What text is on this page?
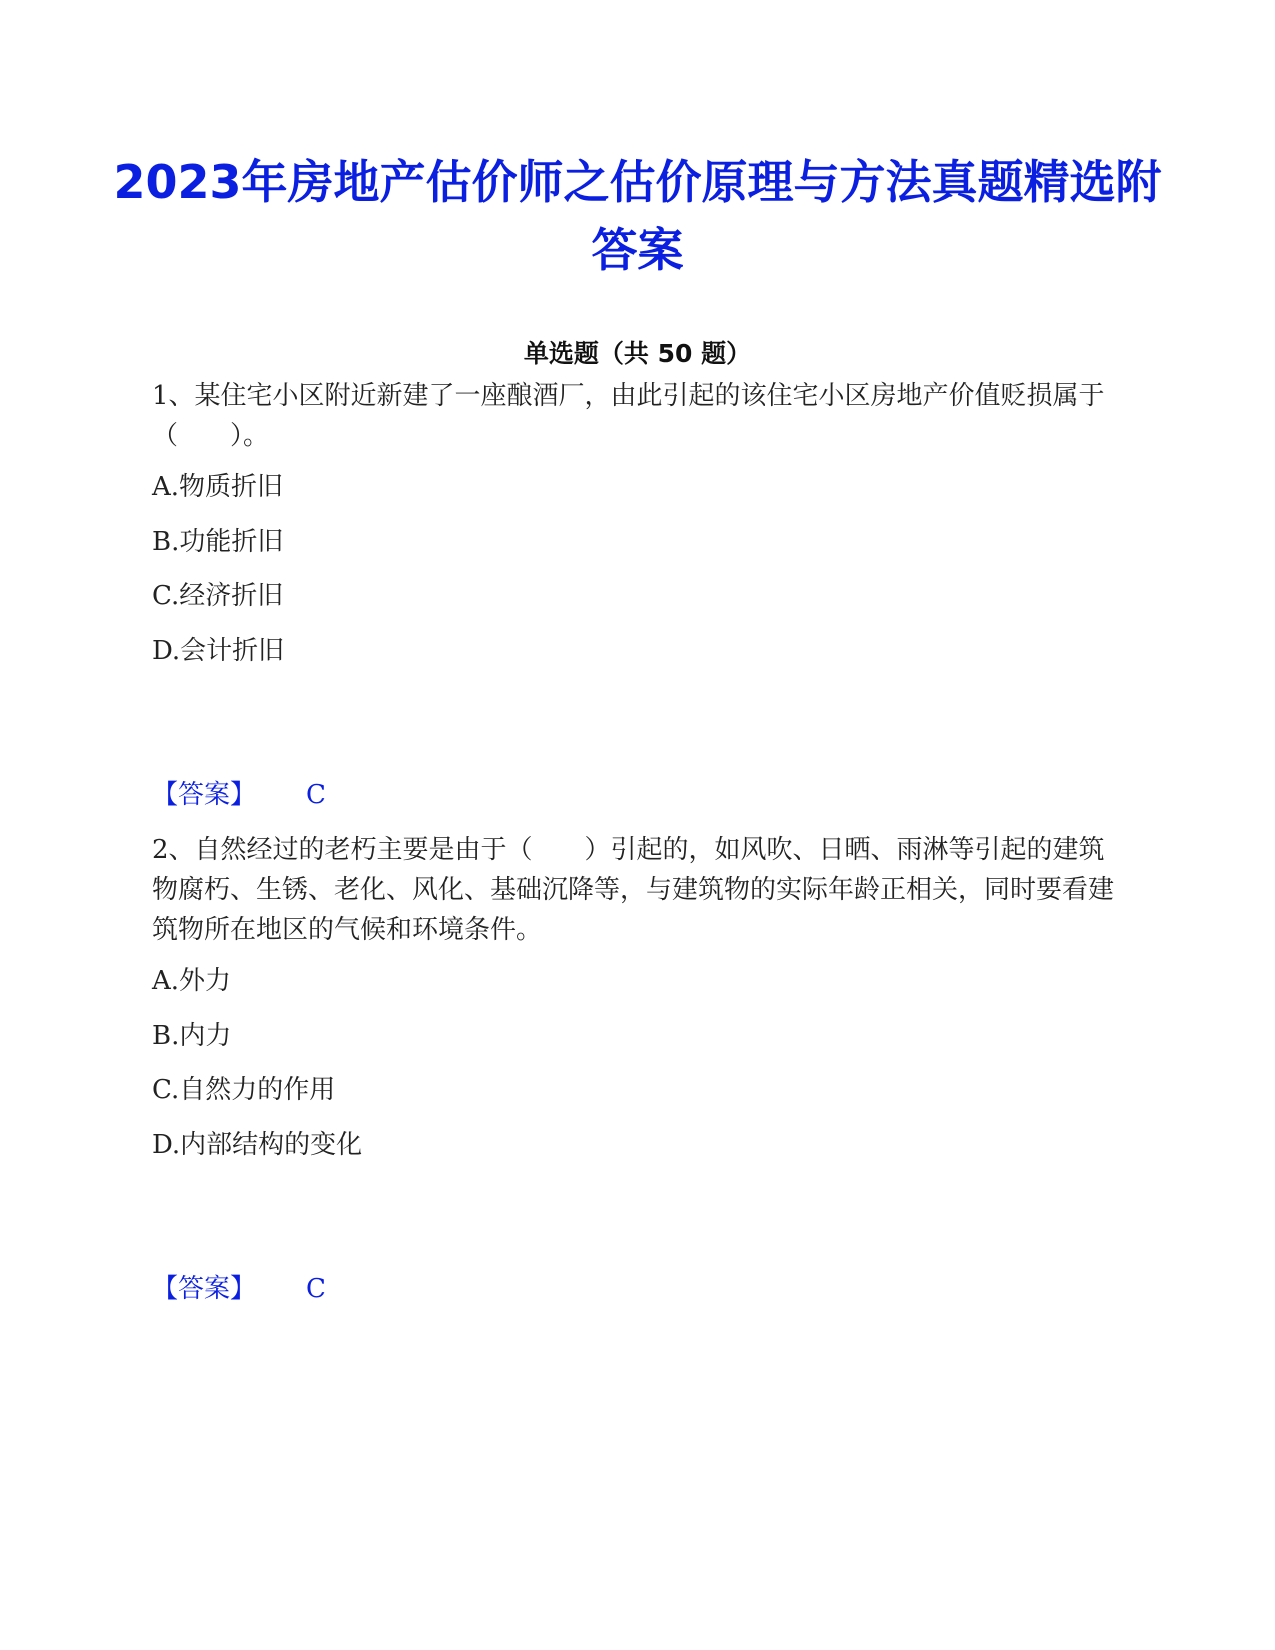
2023年房地产估价师之估价原理与方法真题精选附答案
单选题（共 50 题）

1、某住宅小区附近新建了一座酿酒厂，由此引起的该住宅小区房地产价值贬损属于（　　）。

A.物质折旧
B.功能折旧
C.经济折旧
D.会计折旧
【答案】 C

2、自然经过的老朽主要是由于（　　）引起的，如风吹、日晒、雨淋等引起的建筑物腐朽、生锈、老化、风化、基础沉降等，与建筑物的实际年龄正相关，同时要看建筑物所在地区的气候和环境条件。

A.外力
B.内力
C.自然力的作用
D.内部结构的变化
【答案】 C
